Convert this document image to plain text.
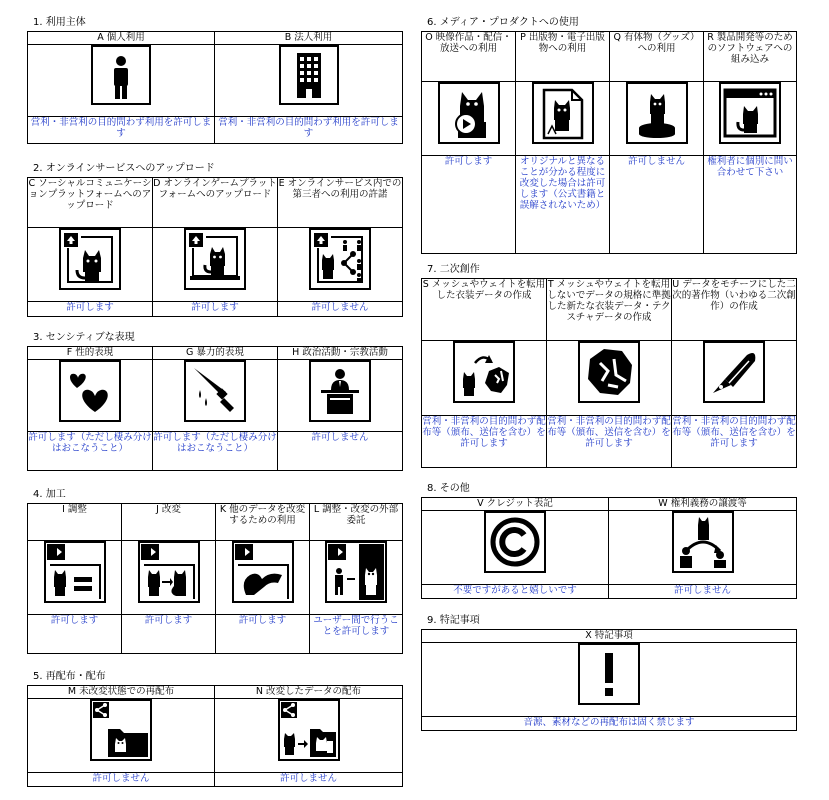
1. 利用主体
A 個人利用	B 法人利用

営利・非営利の目的問わず利用を許可します	営利・非営利の目的問わず利用を許可します
2. オンラインサービスへのアップロード
C ソーシャルコミュニケーションプラットフォームへのアップロード	D オンラインゲームプラットフォームへのアップロード	E オンラインサービス内での第三者への利用の許諾

許可します	許可します	許可しません
3. センシティブな表現
F 性的表現	G 暴力的表現	H 政治活動・宗教活動

許可します（ただし棲み分けはおこなうこと）	許可します（ただし棲み分けはおこなうこと）	許可しません
4. 加工
I 調整	J 改変	K 他のデータを改変するための利用	L 調整・改変の外部委託

許可します	許可します	許可します	ユーザー間で行うことを許可します
5. 再配布・配布
M 未改変状態での再配布	N 改変したデータの配布

許可しません	許可しません
6. メディア・プロダクトへの使用
O 映像作品・配信・放送への利用	P 出版物・電子出版物への利用	Q 有体物（グッズ）への利用	R 製品開発等のためのソフトウェアへの組み込み

許可します	オリジナルと異なることが分かる程度に改変した場合は許可します（公式書籍と誤解されないため）	許可しません	権利者に個別に問い合わせて下さい
7. 二次創作
S メッシュやウェイトを転用した衣装データの作成	T メッシュやウェイトを転用しないでデータの規格に準拠した新たな衣装データ・テクスチャデータの作成	U データをモチーフにした二次的著作物（いわゆる二次創作）の作成

営利・非営利の目的問わず配布等（頒布、送信を含む）を許可します	営利・非営利の目的問わず配布等（頒布、送信を含む）を許可します	営利・非営利の目的問わず配布等（頒布、送信を含む）を許可します
8. その他
V クレジット表記	W 権利義務の譲渡等

不要ですがあると嬉しいです	許可しません
9. 特記事項
X 特記事項

音源、素材などの再配布は固く禁じます
